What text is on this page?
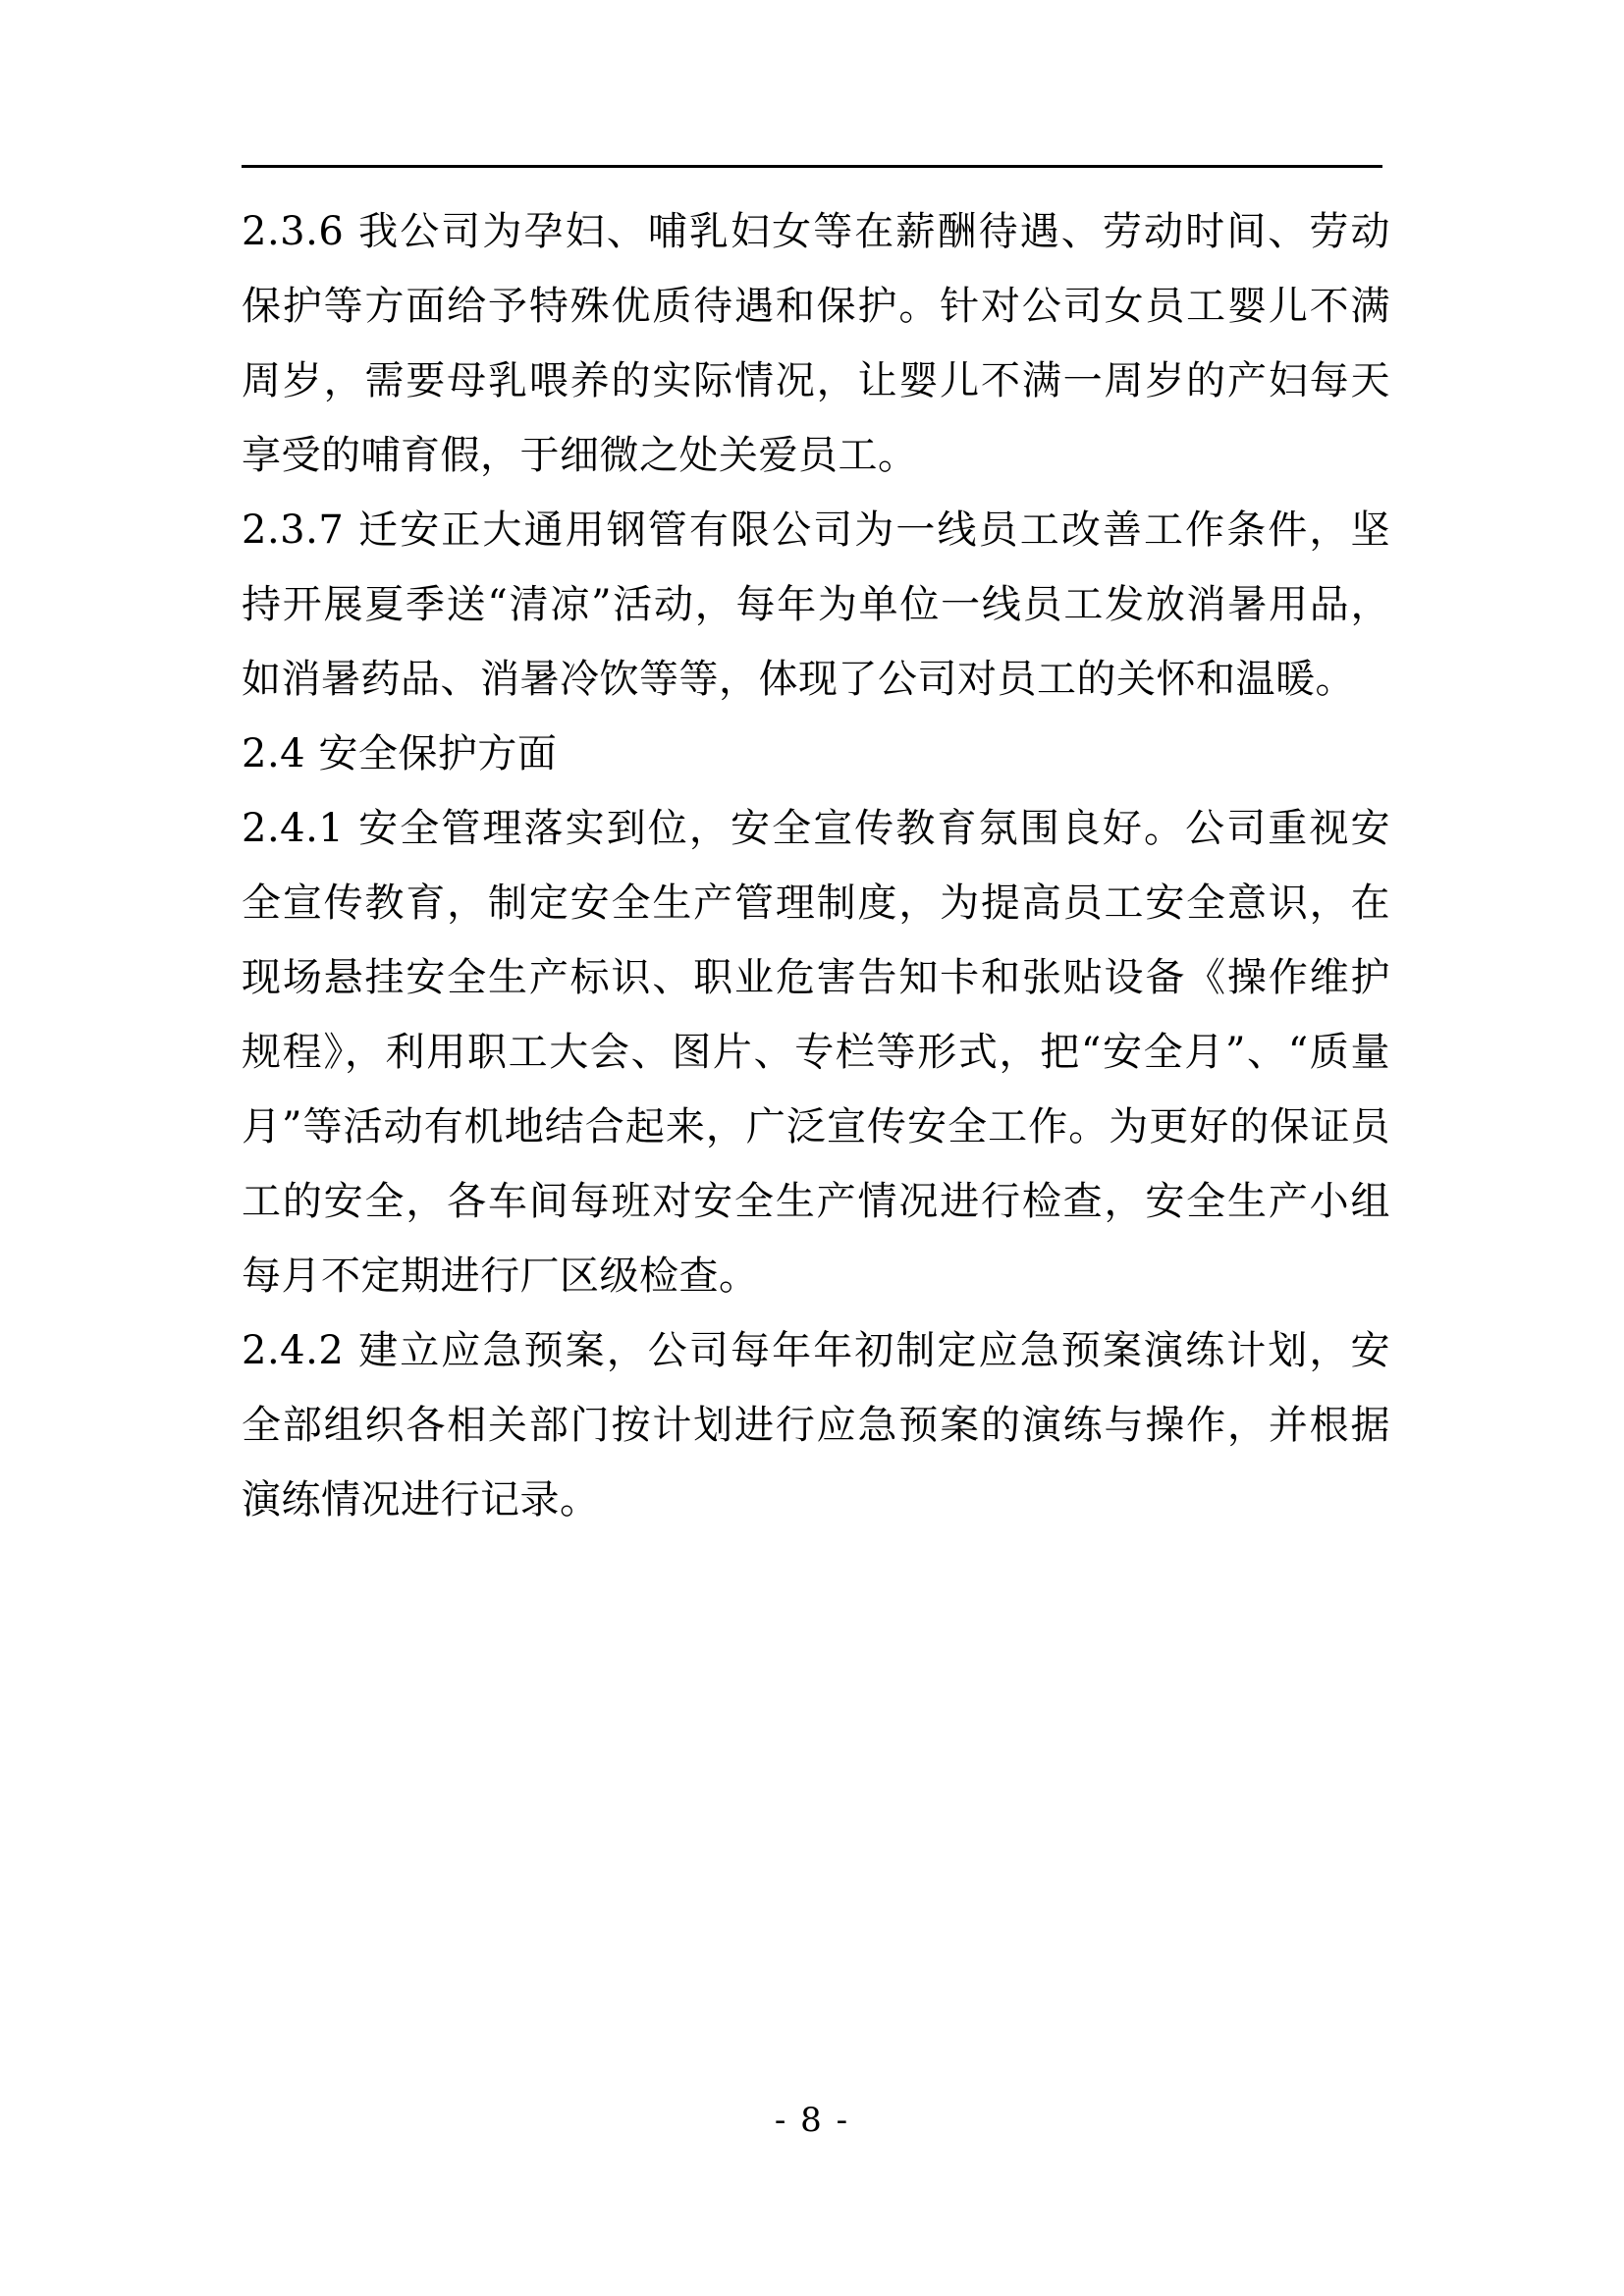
2.3.6 我公司为孕妇、哺乳妇女等在薪酬待遇、劳动时间、劳动保护等方面给予特殊优质待遇和保护。针对公司女员工婴儿不满周岁，需要母乳喂养的实际情况，让婴儿不满一周岁的产妇每天享受的哺育假，于细微之处关爱员工。

2.3.7 迁安正大通用钢管有限公司为一线员工改善工作条件，坚持开展夏季送“清凉”活动，每年为单位一线员工发放消暑用品，如消暑药品、消暑冷饮等等，体现了公司对员工的关怀和温暖。

2.4 安全保护方面

2.4.1 安全管理落实到位，安全宣传教育氛围良好。公司重视安全宣传教育，制定安全生产管理制度，为提高员工安全意识，在现场悬挂安全生产标识、职业危害告知卡和张贴设备《操作维护规程》，利用职工大会、图片、专栏等形式，把“安全月”、“质量月”等活动有机地结合起来，广泛宣传安全工作。为更好的保证员工的安全，各车间每班对安全生产情况进行检查，安全生产小组每月不定期进行厂区级检查。

2.4.2 建立应急预案，公司每年年初制定应急预案演练计划，安全部组织各相关部门按计划进行应急预案的演练与操作，并根据演练情况进行记录。

- 8 -
